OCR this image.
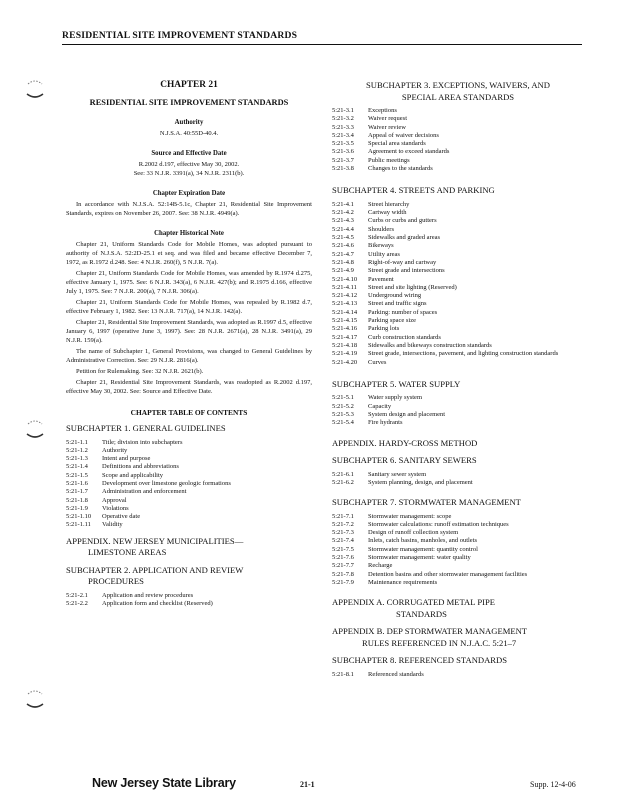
RESIDENTIAL SITE IMPROVEMENT STANDARDS
CHAPTER 21
RESIDENTIAL SITE IMPROVEMENT STANDARDS
Authority

N.J.S.A. 40:55D-40.4.

Source and Effective Date

R.2002 d.197, effective May 30, 2002.

See: 33 N.J.R. 3391(a), 34 N.J.R. 2311(b).

Chapter Expiration Date

In accordance with N.J.S.A. 52:14B-5.1c, Chapter 21, Residential Site Improvement Standards, expires on November 26, 2007. See: 38 N.J.R. 4949(a).

Chapter Historical Note

Chapter 21, Uniform Standards Code for Mobile Homes, was adopted pursuant to authority of N.J.S.A. 52:2D-25.1 et seq. and was filed and became effective December 7, 1972, as R.1972 d.248. See: 4 N.J.R. 260(f), 5 N.J.R. 7(a).

Chapter 21, Uniform Standards Code for Mobile Homes, was amended by R.1974 d.275, effective January 1, 1975. See: 6 N.J.R. 343(a), 6 N.J.R. 427(b); and R.1975 d.166, effective July 1, 1975. See: 7 N.J.R. 200(a), 7 N.J.R. 306(a).

Chapter 21, Uniform Standards Code for Mobile Homes, was repealed by R.1982 d.7, effective February 1, 1982. See: 13 N.J.R. 717(a), 14 N.J.R. 142(a).

Chapter 21, Residential Site Improvement Standards, was adopted as R.1997 d.5, effective January 6, 1997 (operative June 3, 1997). See: 28 N.J.R. 2671(a), 28 N.J.R. 3491(a), 29 N.J.R. 159(a).

The name of Subchapter 1, General Provisions, was changed to General Guidelines by Administrative Correction. See: 29 N.J.R. 2816(a).

Petition for Rulemaking. See: 32 N.J.R. 2621(b).

Chapter 21, Residential Site Improvement Standards, was readopted as R.2002 d.197, effective May 30, 2002. See: Source and Effective Date.

CHAPTER TABLE OF CONTENTS
SUBCHAPTER 1. GENERAL GUIDELINES
5:21-1.1	Title; division into subchapters
5:21-1.2	Authority
5:21-1.3	Intent and purpose
5:21-1.4	Definitions and abbreviations
5:21-1.5	Scope and applicability
5:21-1.6	Development over limestone geologic formations
5:21-1.7	Administration and enforcement
5:21-1.8	Approval
5:21-1.9	Violations
5:21-1.10	Operative date
5:21-1.11	Validity
APPENDIX. NEW JERSEY MUNICIPALITIES—
LIMESTONE AREAS
SUBCHAPTER 2. APPLICATION AND REVIEW
PROCEDURES
5:21-2.1	Application and review procedures
5:21-2.2	Application form and checklist (Reserved)
SUBCHAPTER 3. EXCEPTIONS, WAIVERS, AND
SPECIAL AREA STANDARDS
5:21-3.1	Exceptions
5:21-3.2	Waiver request
5:21-3.3	Waiver review
5:21-3.4	Appeal of waiver decisions
5:21-3.5	Special area standards
5:21-3.6	Agreement to exceed standards
5:21-3.7	Public meetings
5:21-3.8	Changes to the standards
SUBCHAPTER 4. STREETS AND PARKING
5:21-4.1	Street hierarchy
5:21-4.2	Cartway width
5:21-4.3	Curbs or curbs and gutters
5:21-4.4	Shoulders
5:21-4.5	Sidewalks and graded areas
5:21-4.6	Bikeways
5:21-4.7	Utility areas
5:21-4.8	Right-of-way and cartway
5:21-4.9	Street grade and intersections
5:21-4.10	Pavement
5:21-4.11	Street and site lighting (Reserved)
5:21-4.12	Underground wiring
5:21-4.13	Street and traffic signs
5:21-4.14	Parking: number of spaces
5:21-4.15	Parking space size
5:21-4.16	Parking lots
5:21-4.17	Curb construction standards
5:21-4.18	Sidewalks and bikeways construction standards
5:21-4.19	Street grade, intersections, pavement, and lighting construction standards
5:21-4.20	Curves
SUBCHAPTER 5. WATER SUPPLY
5:21-5.1	Water supply system
5:21-5.2	Capacity
5:21-5.3	System design and placement
5:21-5.4	Fire hydrants
APPENDIX. HARDY-CROSS METHOD
SUBCHAPTER 6. SANITARY SEWERS
5:21-6.1	Sanitary sewer system
5:21-6.2	System planning, design, and placement
SUBCHAPTER 7. STORMWATER MANAGEMENT
5:21-7.1	Stormwater management: scope
5:21-7.2	Stormwater calculations: runoff estimation techniques
5:21-7.3	Design of runoff collection system
5:21-7.4	Inlets, catch basins, manholes, and outlets
5:21-7.5	Stormwater management: quantity control
5:21-7.6	Stormwater management: water quality
5:21-7.7	Recharge
5:21-7.8	Detention basins and other stormwater management facilities
5:21-7.9	Maintenance requirements
APPENDIX A. CORRUGATED METAL PIPE
STANDARDS
APPENDIX B. DEP STORMWATER MANAGEMENT
RULES REFERENCED IN N.J.A.C. 5:21–7
SUBCHAPTER 8. REFERENCED STANDARDS
5:21-8.1	Referenced standards
New Jersey State Library	21-1	Supp. 12-4-06
